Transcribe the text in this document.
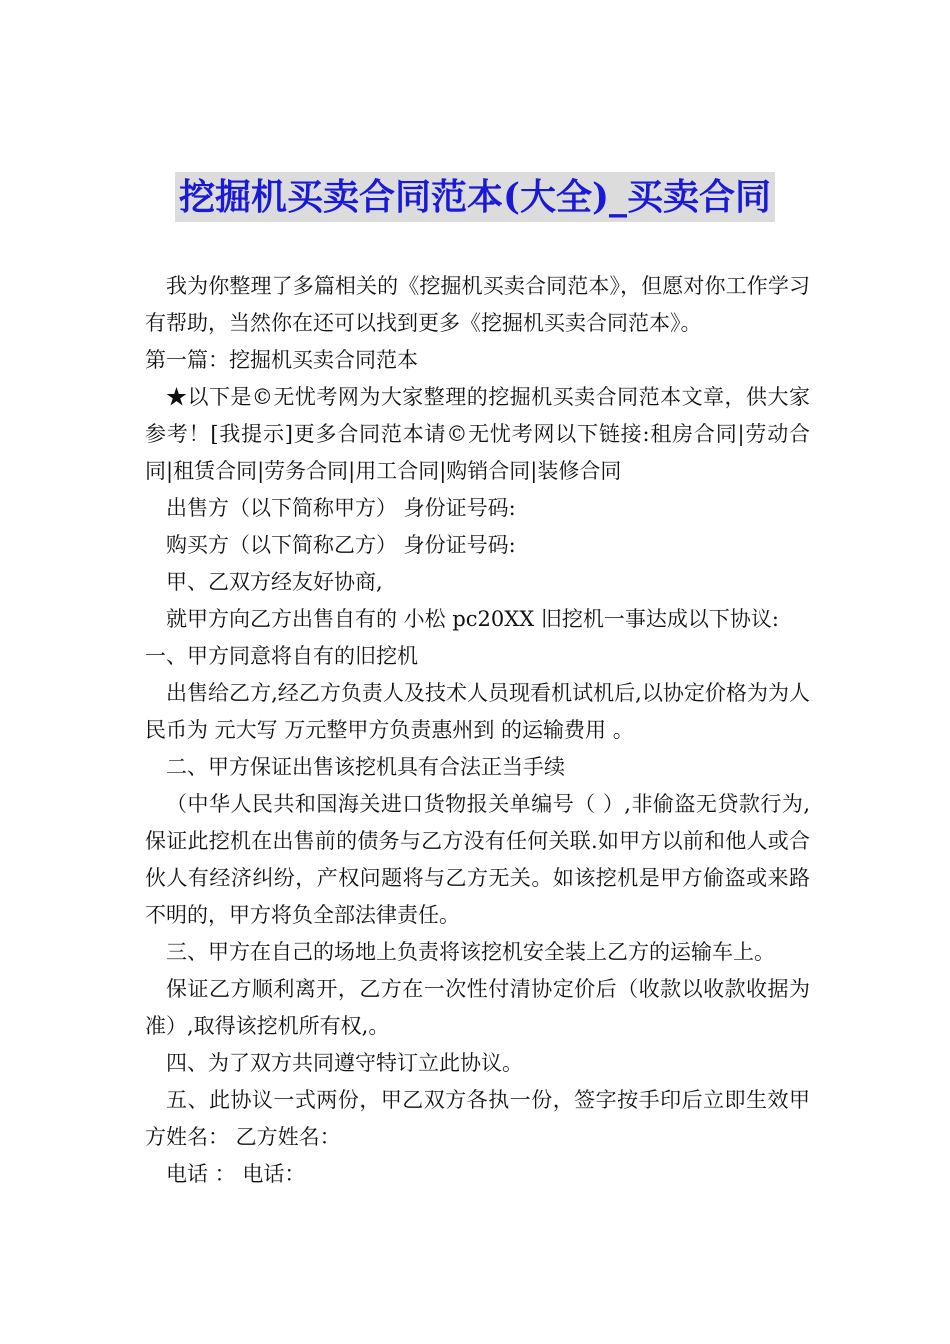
挖掘机买卖合同范本(大全)_买卖合同

我为你整理了多篇相关的《挖掘机买卖合同范本》，但愿对你工作学习有帮助，当然你在还可以找到更多《挖掘机买卖合同范本》。

第一篇：挖掘机买卖合同范本

★以下是©无忧考网为大家整理的挖掘机买卖合同范本文章，供大家参考！[我提示]更多合同范本请©无忧考网以下链接:租房合同|劳动合同|租赁合同|劳务合同|用工合同|购销合同|装修合同

出售方（以下简称甲方） 身份证号码:

购买方（以下简称乙方） 身份证号码:

甲、乙双方经友好协商,

就甲方向乙方出售自有的 小松 pc20XX 旧挖机一事达成以下协议:

一、甲方同意将自有的旧挖机

出售给乙方,经乙方负责人及技术人员现看机试机后,以协定价格为为人民币为 元大写 万元整甲方负责惠州到 的运输费用 。

二、甲方保证出售该挖机具有合法正当手续

（中华人民共和国海关进口货物报关单编号（ ）,非偷盗无贷款行为,保证此挖机在出售前的债务与乙方没有任何关联.如甲方以前和他人或合伙人有经济纠纷，产权问题将与乙方无关。如该挖机是甲方偷盗或来路不明的，甲方将负全部法律责任。

三、甲方在自己的场地上负责将该挖机安全装上乙方的运输车上。

保证乙方顺利离开，乙方在一次性付清协定价后（收款以收款收据为准）,取得该挖机所有权,。

四、为了双方共同遵守特订立此协议。

五、此协议一式两份，甲乙双方各执一份，签字按手印后立即生效甲方姓名： 乙方姓名：

电话 ： 电话：
